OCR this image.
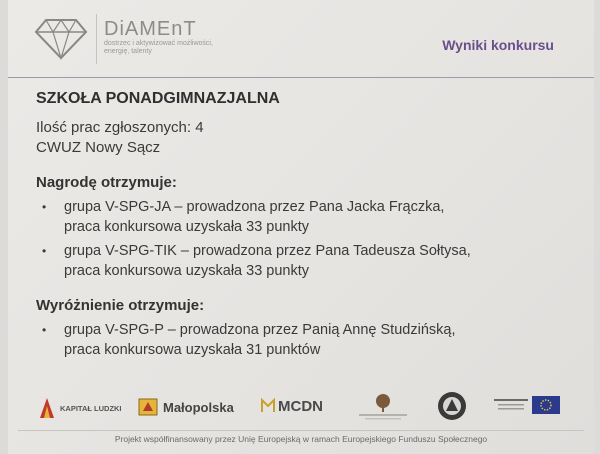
DiAMEnT
dostrzec i aktywizować możliwości, energię, talenty	Wyniki konkursu
SZKOŁA PONADGIMNAZJALNA
Ilość prac zgłoszonych: 4
CWUZ Nowy Sącz
Nagrodę otrzymuje:
• grupa V-SPG-JA – prowadzona przez Pana Jacka Frączka,
praca konkursowa uzyskała 33 punkty
• grupa V-SPG-TIK – prowadzona przez Pana Tadeusza Sołtysa,
praca konkursowa uzyskała 33 punkty
Wyróżnienie otrzymuje:
• grupa V-SPG-P – prowadzona przez Panią Annę Studzińską,
praca konkursowa uzyskała 31 punktów
KAPITAŁ LUDZKI	Małopolska	MCDN
Projekt współfinansowany przez Unię Europejską w ramach Europejskiego Funduszu Społecznego
